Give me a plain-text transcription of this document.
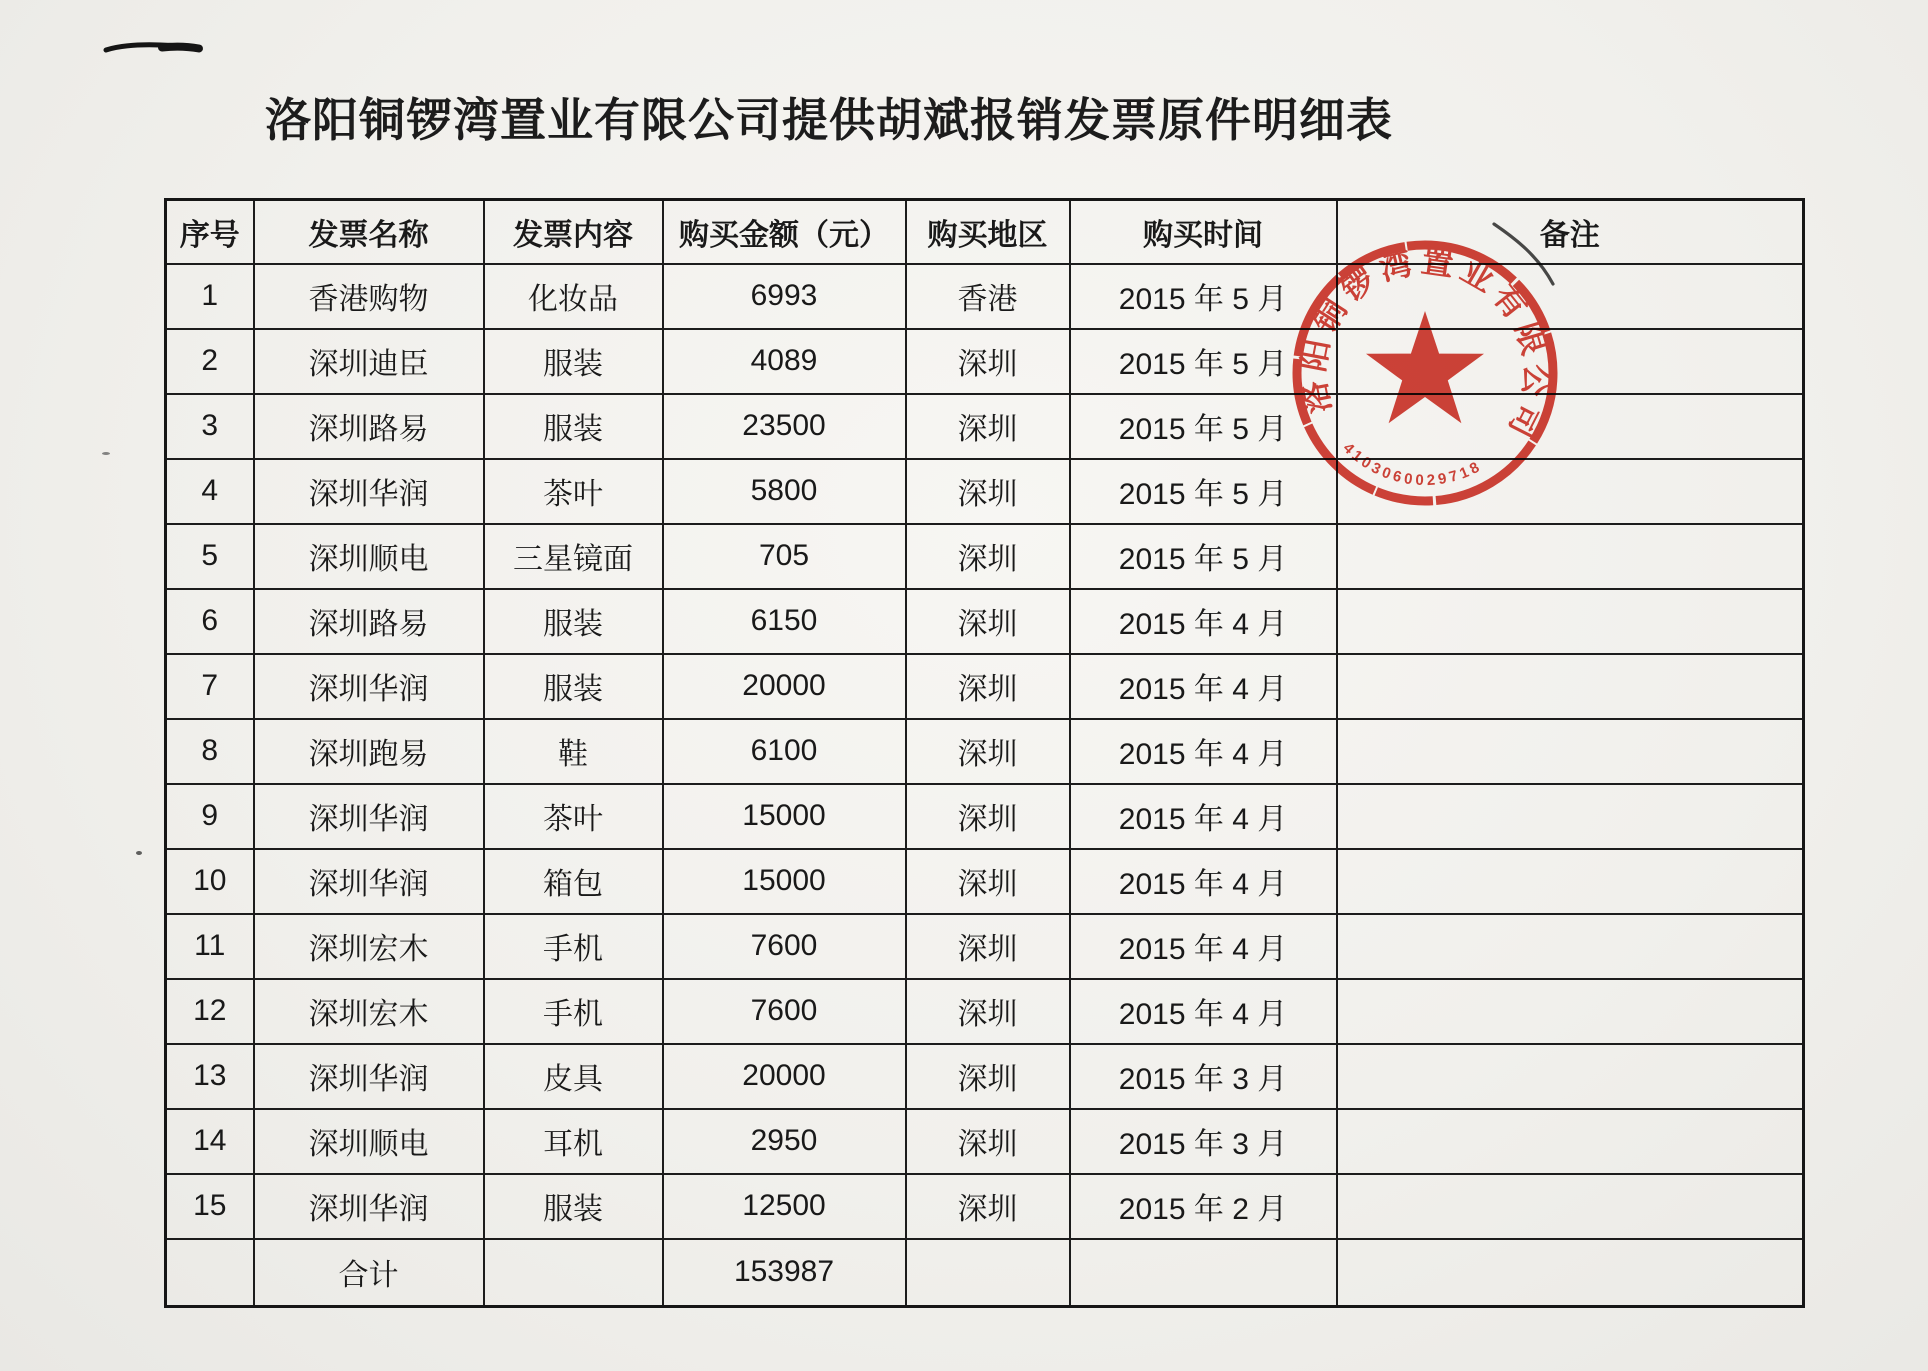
洛阳铜锣湾置业有限公司提供胡斌报销发票原件明细表
序号	发票名称	发票内容	购买金额（元）	购买地区	购买时间	备注
1	香港购物	化妆品	6993	香港	2015 年 5 月	
2	深圳迪臣	服装	4089	深圳	2015 年 5 月	
3	深圳路易	服装	23500	深圳	2015 年 5 月	
4	深圳华润	茶叶	5800	深圳	2015 年 5 月	
5	深圳顺电	三星镜面	705	深圳	2015 年 5 月	
6	深圳路易	服装	6150	深圳	2015 年 4 月	
7	深圳华润	服装	20000	深圳	2015 年 4 月	
8	深圳跑易	鞋	6100	深圳	2015 年 4 月	
9	深圳华润	茶叶	15000	深圳	2015 年 4 月	
10	深圳华润	箱包	15000	深圳	2015 年 4 月	
11	深圳宏木	手机	7600	深圳	2015 年 4 月	
12	深圳宏木	手机	7600	深圳	2015 年 4 月	
13	深圳华润	皮具	20000	深圳	2015 年 3 月	
14	深圳顺电	耳机	2950	深圳	2015 年 3 月	
15	深圳华润	服装	12500	深圳	2015 年 2 月	
	合计		153987			
洛阳铜锣湾置业有限公司
4103060029718
